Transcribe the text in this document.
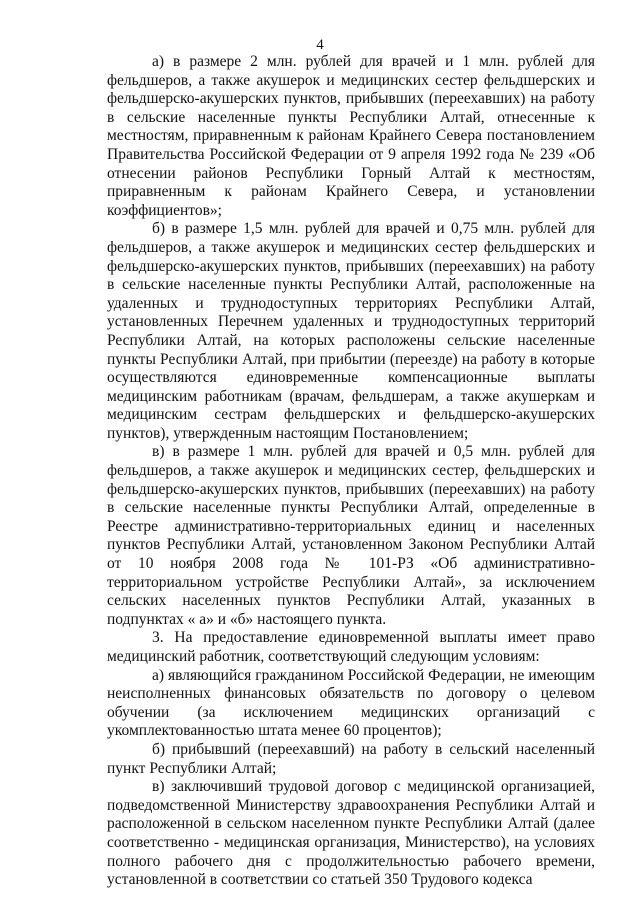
4

а) в размере 2 млн. рублей для врачей и 1 млн. рублей для фельдшеров, а также акушерок и медицинских сестер фельдшерских и фельдшерско-акушерских пунктов, прибывших (переехавших) на работу в сельские населенные пункты Республики Алтай, отнесенные к местностям, приравненным к районам Крайнего Севера постановлением Правительства Российской Федерации от 9 апреля 1992 года № 239 «Об отнесении районов Республики Горный Алтай к местностям, приравненным к районам Крайнего Севера, и установлении коэффициентов»;

б) в размере 1,5 млн. рублей для врачей и 0,75 млн. рублей для фельдшеров, а также акушерок и медицинских сестер фельдшерских и фельдшерско-акушерских пунктов, прибывших (переехавших) на работу в сельские населенные пункты Республики Алтай, расположенные на удаленных и труднодоступных территориях Республики Алтай, установленных Перечнем удаленных и труднодоступных территорий Республики Алтай, на которых расположены сельские населенные пункты Республики Алтай, при прибытии (переезде) на работу в которые осуществляются единовременные компенсационные выплаты медицинским работникам (врачам, фельдшерам, а также акушеркам и медицинским сестрам фельдшерских и фельдшерско-акушерских пунктов), утвержденным настоящим Постановлением;

в) в размере 1 млн. рублей для врачей и 0,5 млн. рублей для фельдшеров, а также акушерок и медицинских сестер, фельдшерских и фельдшерско-акушерских пунктов, прибывших (переехавших) на работу в сельские населенные пункты Республики Алтай, определенные в Реестре административно-территориальных единиц и населенных пунктов Республики Алтай, установленном Законом Республики Алтай от 10 ноября 2008 года № 101-РЗ «Об административно-территориальном устройстве Республики Алтай», за исключением сельских населенных пунктов Республики Алтай, указанных в подпунктах « а» и «б» настоящего пункта.

3. На предоставление единовременной выплаты имеет право медицинский работник, соответствующий следующим условиям:

а) являющийся гражданином Российской Федерации, не имеющим неисполненных финансовых обязательств по договору о целевом обучении (за исключением медицинских организаций с укомплектованностью штата менее 60 процентов);

б) прибывший (переехавший) на работу в сельский населенный пункт Республики Алтай;

в) заключивший трудовой договор с медицинской организацией, подведомственной Министерству здравоохранения Республики Алтай и расположенной в сельском населенном пункте Республики Алтай (далее соответственно - медицинская организация, Министерство), на условиях полного рабочего дня с продолжительностью рабочего времени, установленной в соответствии со статьей 350 Трудового кодекса
